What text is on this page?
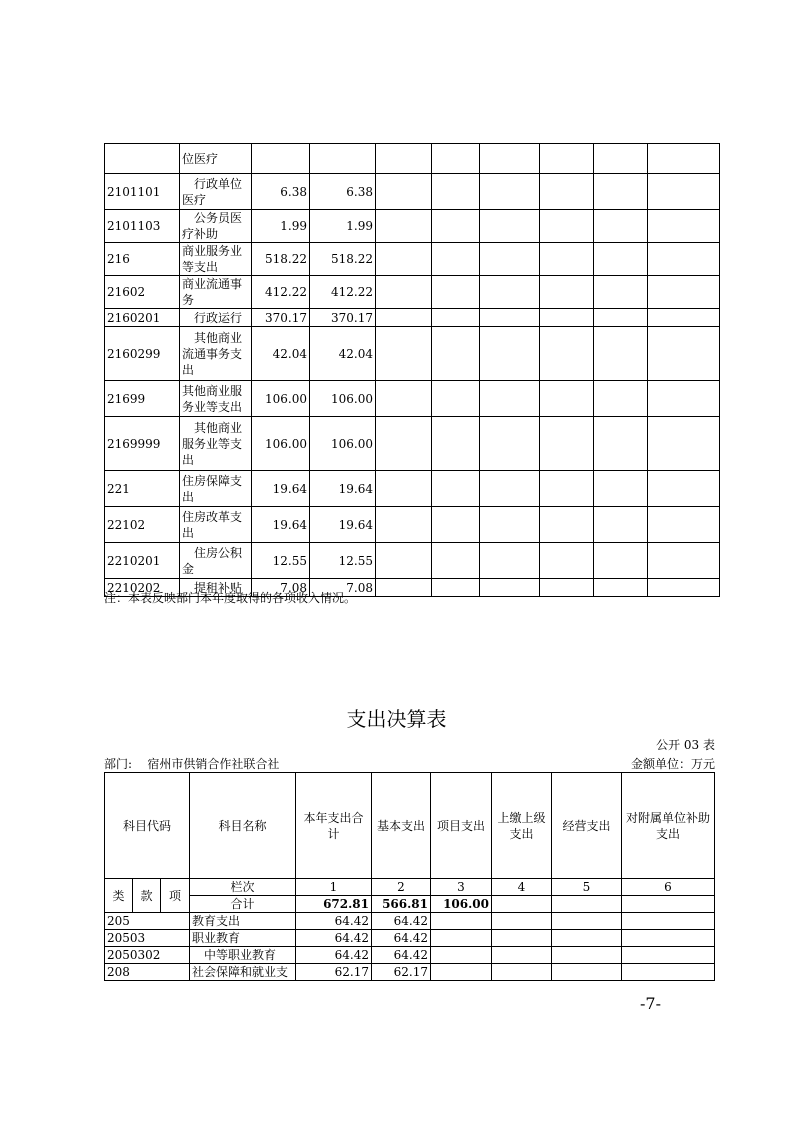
	位医疗								
2101101	　行政单位医疗	6.38	6.38						
2101103	　公务员医疗补助	1.99	1.99						
216	商业服务业等支出	518.22	518.22						
21602	商业流通事务	412.22	412.22						
2160201	　行政运行	370.17	370.17						
2160299	　其他商业流通事务支出	42.04	42.04						
21699	其他商业服务业等支出	106.00	106.00						
2169999	　其他商业服务业等支出	106.00	106.00						
221	住房保障支出	19.64	19.64						
22102	住房改革支出	19.64	19.64						
2210201	　住房公积金	12.55	12.55						
2210202	　提租补贴	7.08	7.08						
注：本表反映部门本年度取得的各项收入情况。
支出决算表
公开 03 表
部门: 宿州市供销合作社联合社	金额单位：万元
科目代码			科目名称	本年支出合计	基本支出	项目支出	上缴上级支出	经营支出	对附属单位补助支出
类	款	项	栏次	1	2	3	4	5	6
			合计	672.81	566.81	106.00			
205			教育支出	64.42	64.42				
20503			职业教育	64.42	64.42				
2050302			　中等职业教育	64.42	64.42				
208			社会保障和就业支	62.17	62.17				
-7-
